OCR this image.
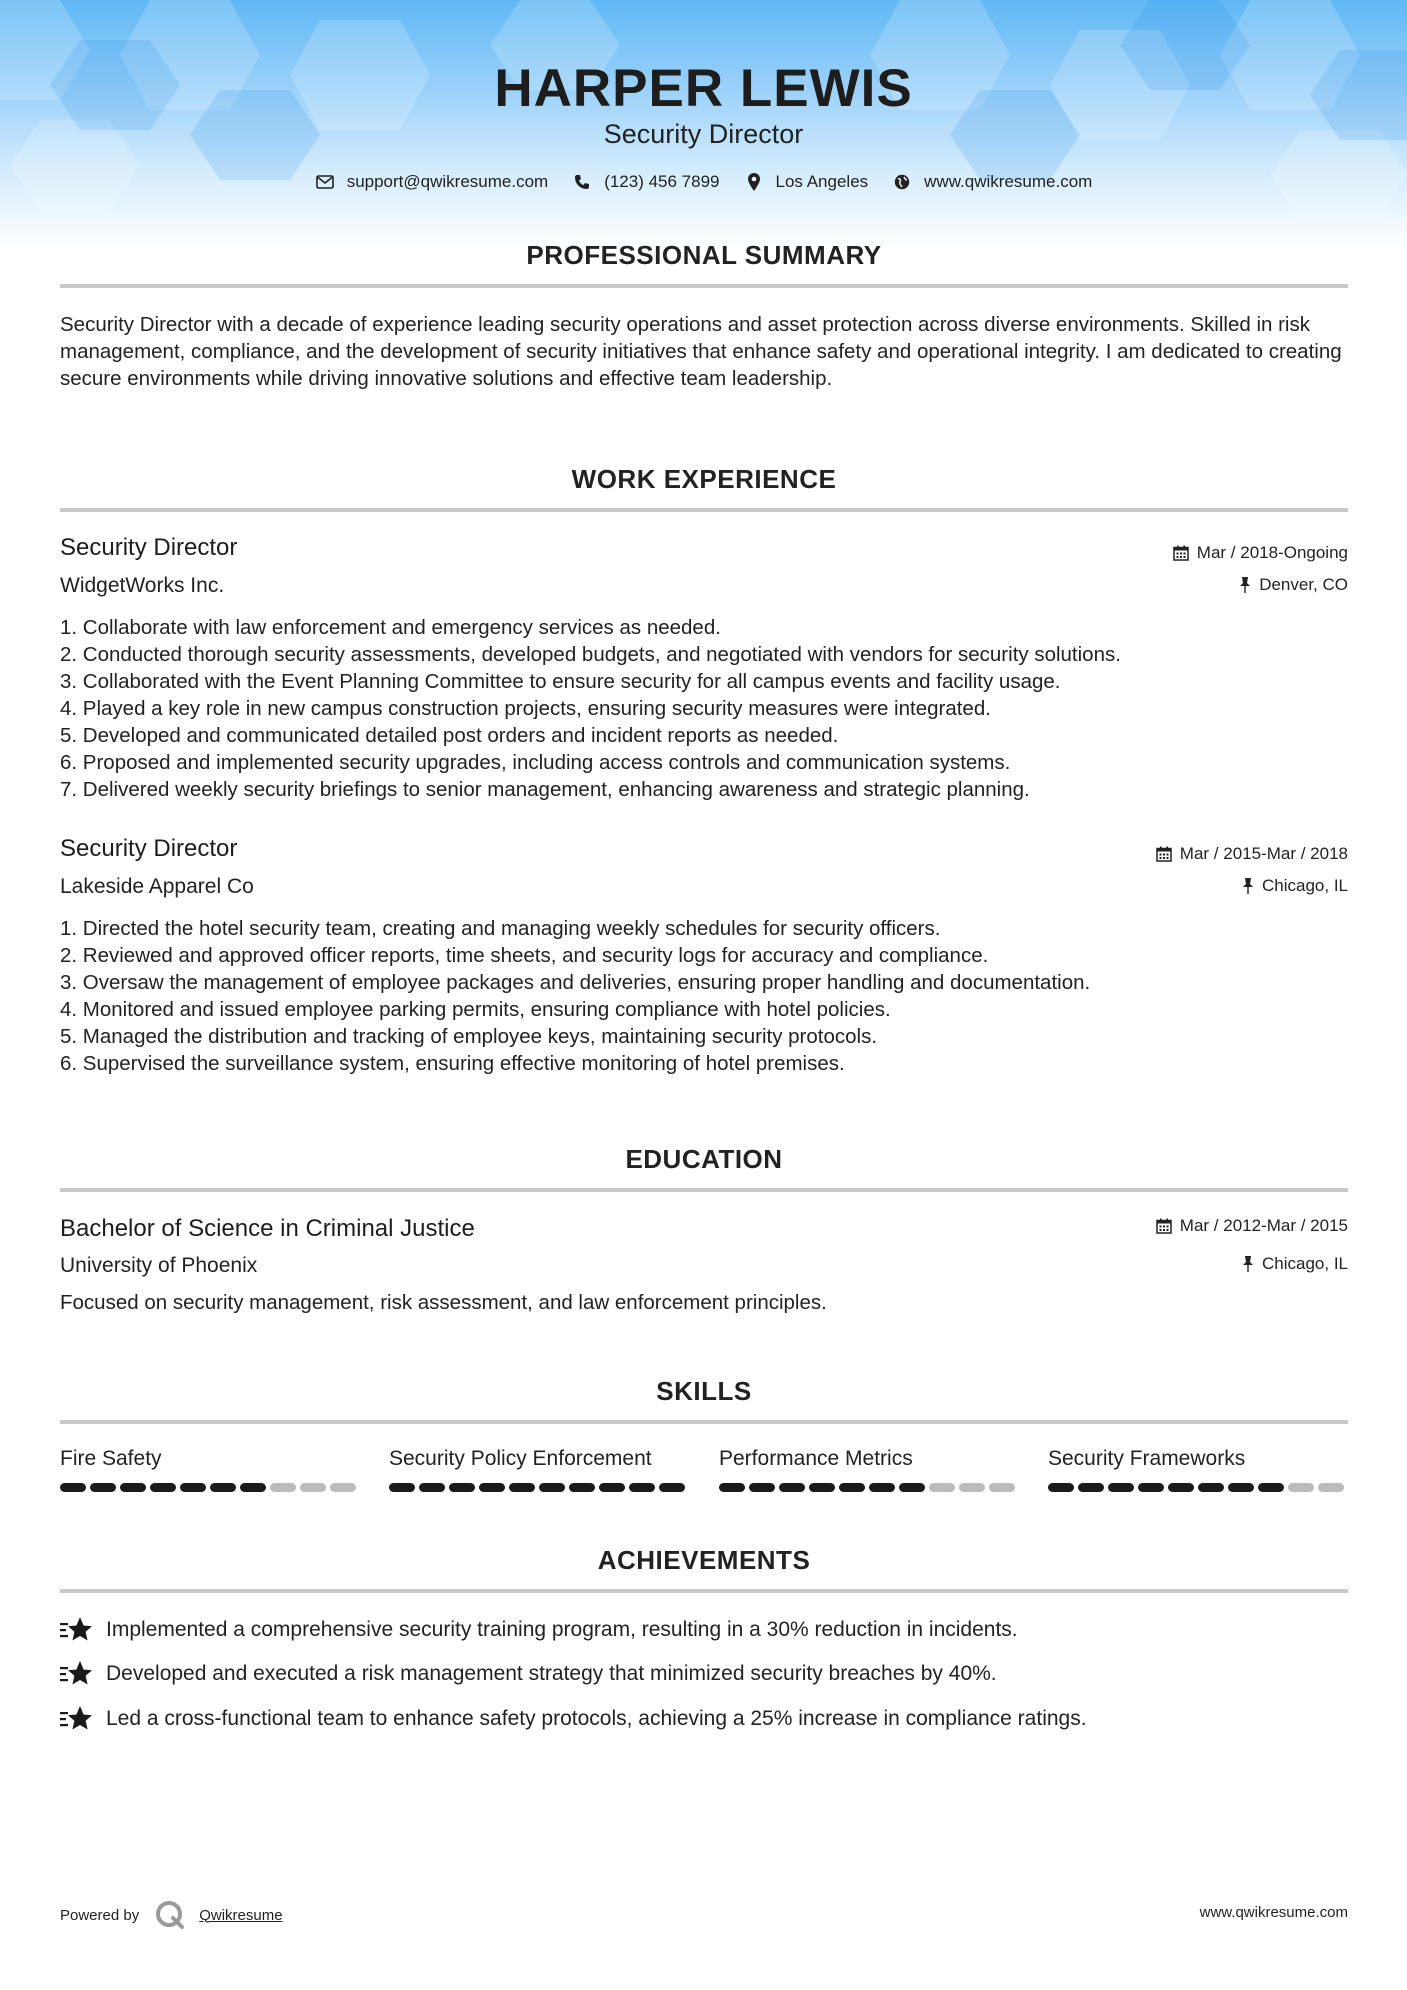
HARPER LEWIS
Security Director
support@qwikresume.com	(123) 456 7899	Los Angeles	www.qwikresume.com
PROFESSIONAL SUMMARY
Security Director with a decade of experience leading security operations and asset protection across diverse environments. Skilled in risk management, compliance, and the development of security initiatives that enhance safety and operational integrity. I am dedicated to creating secure environments while driving innovative solutions and effective team leadership.
WORK EXPERIENCE
Security Director
WidgetWorks Inc.
Mar / 2018-Ongoing
Denver, CO
1. Collaborate with law enforcement and emergency services as needed.
2. Conducted thorough security assessments, developed budgets, and negotiated with vendors for security solutions.
3. Collaborated with the Event Planning Committee to ensure security for all campus events and facility usage.
4. Played a key role in new campus construction projects, ensuring security measures were integrated.
5. Developed and communicated detailed post orders and incident reports as needed.
6. Proposed and implemented security upgrades, including access controls and communication systems.
7. Delivered weekly security briefings to senior management, enhancing awareness and strategic planning.
Security Director
Lakeside Apparel Co
Mar / 2015-Mar / 2018
Chicago, IL
1. Directed the hotel security team, creating and managing weekly schedules for security officers.
2. Reviewed and approved officer reports, time sheets, and security logs for accuracy and compliance.
3. Oversaw the management of employee packages and deliveries, ensuring proper handling and documentation.
4. Monitored and issued employee parking permits, ensuring compliance with hotel policies.
5. Managed the distribution and tracking of employee keys, maintaining security protocols.
6. Supervised the surveillance system, ensuring effective monitoring of hotel premises.
EDUCATION
Bachelor of Science in Criminal Justice
University of Phoenix
Mar / 2012-Mar / 2015
Chicago, IL
Focused on security management, risk assessment, and law enforcement principles.
SKILLS
Fire Safety	Security Policy Enforcement	Performance Metrics	Security Frameworks
ACHIEVEMENTS
Implemented a comprehensive security training program, resulting in a 30% reduction in incidents.
Developed and executed a risk management strategy that minimized security breaches by 40%.
Led a cross-functional team to enhance safety protocols, achieving a 25% increase in compliance ratings.
Powered by	Qwikresume	www.qwikresume.com
